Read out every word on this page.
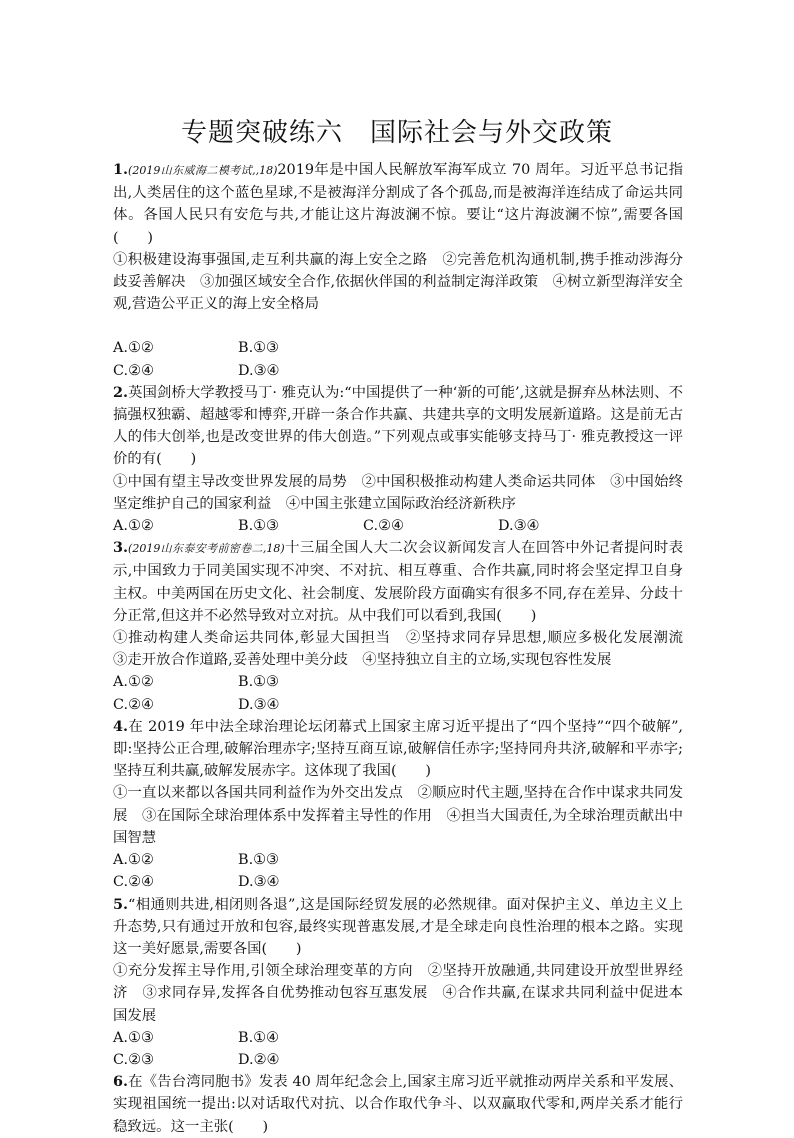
专题突破练六　国际社会与外交政策

1.(2019山东威海二模考试,,18)2019年是中国人民解放军海军成立 70 周年。习近平总书记指出,人类居住的这个蓝色星球,不是被海洋分割成了各个孤岛,而是被海洋连结成了命运共同体。各国人民只有安危与共,才能让这片海波澜不惊。要让“这片海波澜不惊”,需要各国(　　)

①积极建设海事强国,走互利共赢的海上安全之路　②完善危机沟通机制,携手推动涉海分歧妥善解决　③加强区域安全合作,依据伙伴国的利益制定海洋政策　④树立新型海洋安全观,营造公平正义的海上安全格局

A.①②	B.①③
C.②④	D.③④

2.英国剑桥大学教授马丁· 雅克认为:“中国提供了一种‘新的可能’,这就是摒弃丛林法则、不搞强权独霸、超越零和博弈,开辟一条合作共赢、共建共享的文明发展新道路。这是前无古人的伟大创举,也是改变世界的伟大创造。”下列观点或事实能够支持马丁· 雅克教授这一评价的有(　　)

①中国有望主导改变世界发展的局势　②中国积极推动构建人类命运共同体　③中国始终坚定维护自己的国家利益　④中国主张建立国际政治经济新秩序

A.①②	B.①③	C.②④	D.③④

3.(2019山东泰安考前密卷二,18)十三届全国人大二次会议新闻发言人在回答中外记者提问时表示,中国致力于同美国实现不冲突、不对抗、相互尊重、合作共赢,同时将会坚定捍卫自身主权。中美两国在历史文化、社会制度、发展阶段方面确实有很多不同,存在差异、分歧十分正常,但这并不必然导致对立对抗。从中我们可以看到,我国(　　)

①推动构建人类命运共同体,彰显大国担当　②坚持求同存异思想,顺应多极化发展潮流　③走开放合作道路,妥善处理中美分歧　④坚持独立自主的立场,实现包容性发展

A.①②	B.①③
C.②④	D.③④

4.在 2019 年中法全球治理论坛闭幕式上国家主席习近平提出了“四个坚持”“四个破解”,即:坚持公正合理,破解治理赤字;坚持互商互谅,破解信任赤字;坚持同舟共济,破解和平赤字;坚持互利共赢,破解发展赤字。这体现了我国(　　)

①一直以来都以各国共同利益作为外交出发点　②顺应时代主题,坚持在合作中谋求共同发展　③在国际全球治理体系中发挥着主导性的作用　④担当大国责任,为全球治理贡献出中国智慧

A.①②	B.①③
C.②④	D.③④

5.“相通则共进,相闭则各退”,这是国际经贸发展的必然规律。面对保护主义、单边主义上升态势,只有通过开放和包容,最终实现普惠发展,才是全球走向良性治理的根本之路。实现这一美好愿景,需要各国(　　)

①充分发挥主导作用,引领全球治理变革的方向　②坚持开放融通,共同建设开放型世界经济　③求同存异,发挥各自优势推动包容互惠发展　④合作共赢,在谋求共同利益中促进本国发展

A.①③	B.①④
C.②③	D.②④

6.在《告台湾同胞书》发表 40 周年纪念会上,国家主席习近平就推动两岸关系和平发展、实现祖国统一提出:以对话取代对抗、以合作取代争斗、以双赢取代零和,两岸关系才能行稳致远。这一主张(　　)
